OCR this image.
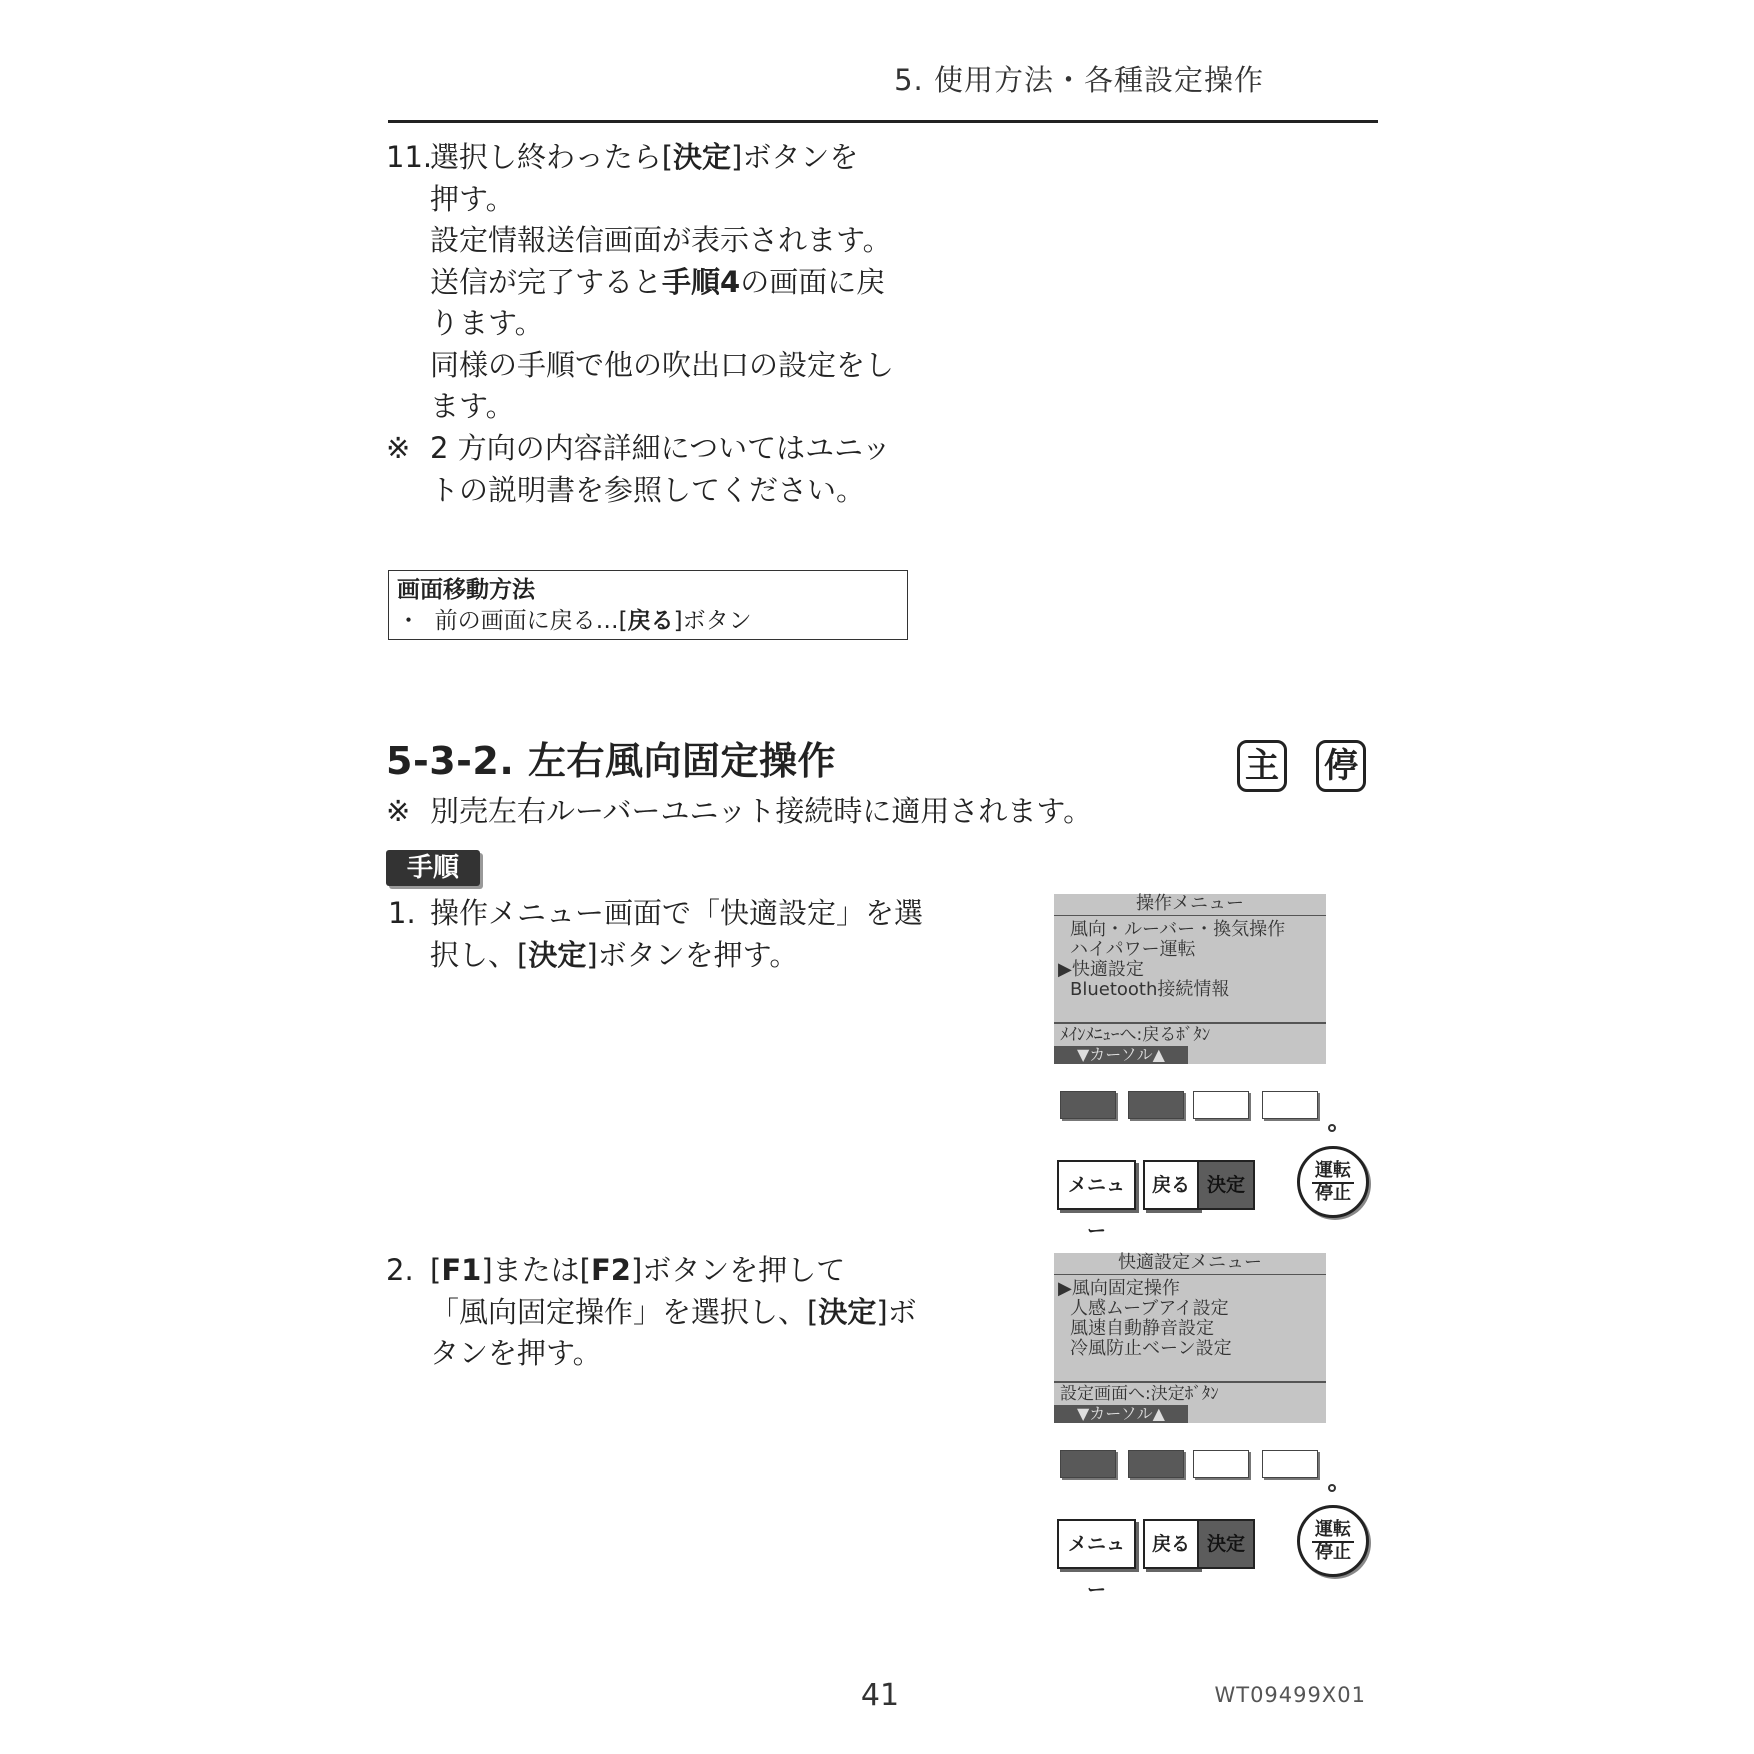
5. 使用方法・各種設定操作
11.
選択し終わったら[決定]ボタンを
押す。
設定情報送信画面が表示されます。
送信が完了すると手順4の画面に戻
ります。
同様の手順で他の吹出口の設定をし
ます。
※ 2 方向の内容詳細についてはユニッ
トの説明書を参照してください。
画面移動方法
・ 前の画面に戻る…[戻る]ボタン
5-3-2. 左右風向固定操作	主 停
※ 別売左右ルーバーユニット接続時に適用されます。
手順
1. 操作メニュー画面で「快適設定」を選
択し、[決定]ボタンを押す。
2. [F1]または[F2]ボタンを押して
「風向固定操作」を選択し、[決定]ボ
タンを押す。
操作メニュー
風向・ルーバー・換気操作
ハイパワー運転
▶快適設定
Bluetooth接続情報
ﾒｲﾝﾒﾆｭｰへ:戻るﾎﾞﾀﾝ
▼カーソル▲
メニュー
戻る 決定
運転
停止
快適設定メニュー
▶風向固定操作
人感ムーブアイ設定
風速自動静音設定
冷風防止ベーン設定
設定画面へ:決定ﾎﾞﾀﾝ
▼カーソル▲
メニュー
戻る 決定
運転
停止
41	WT09499X01
